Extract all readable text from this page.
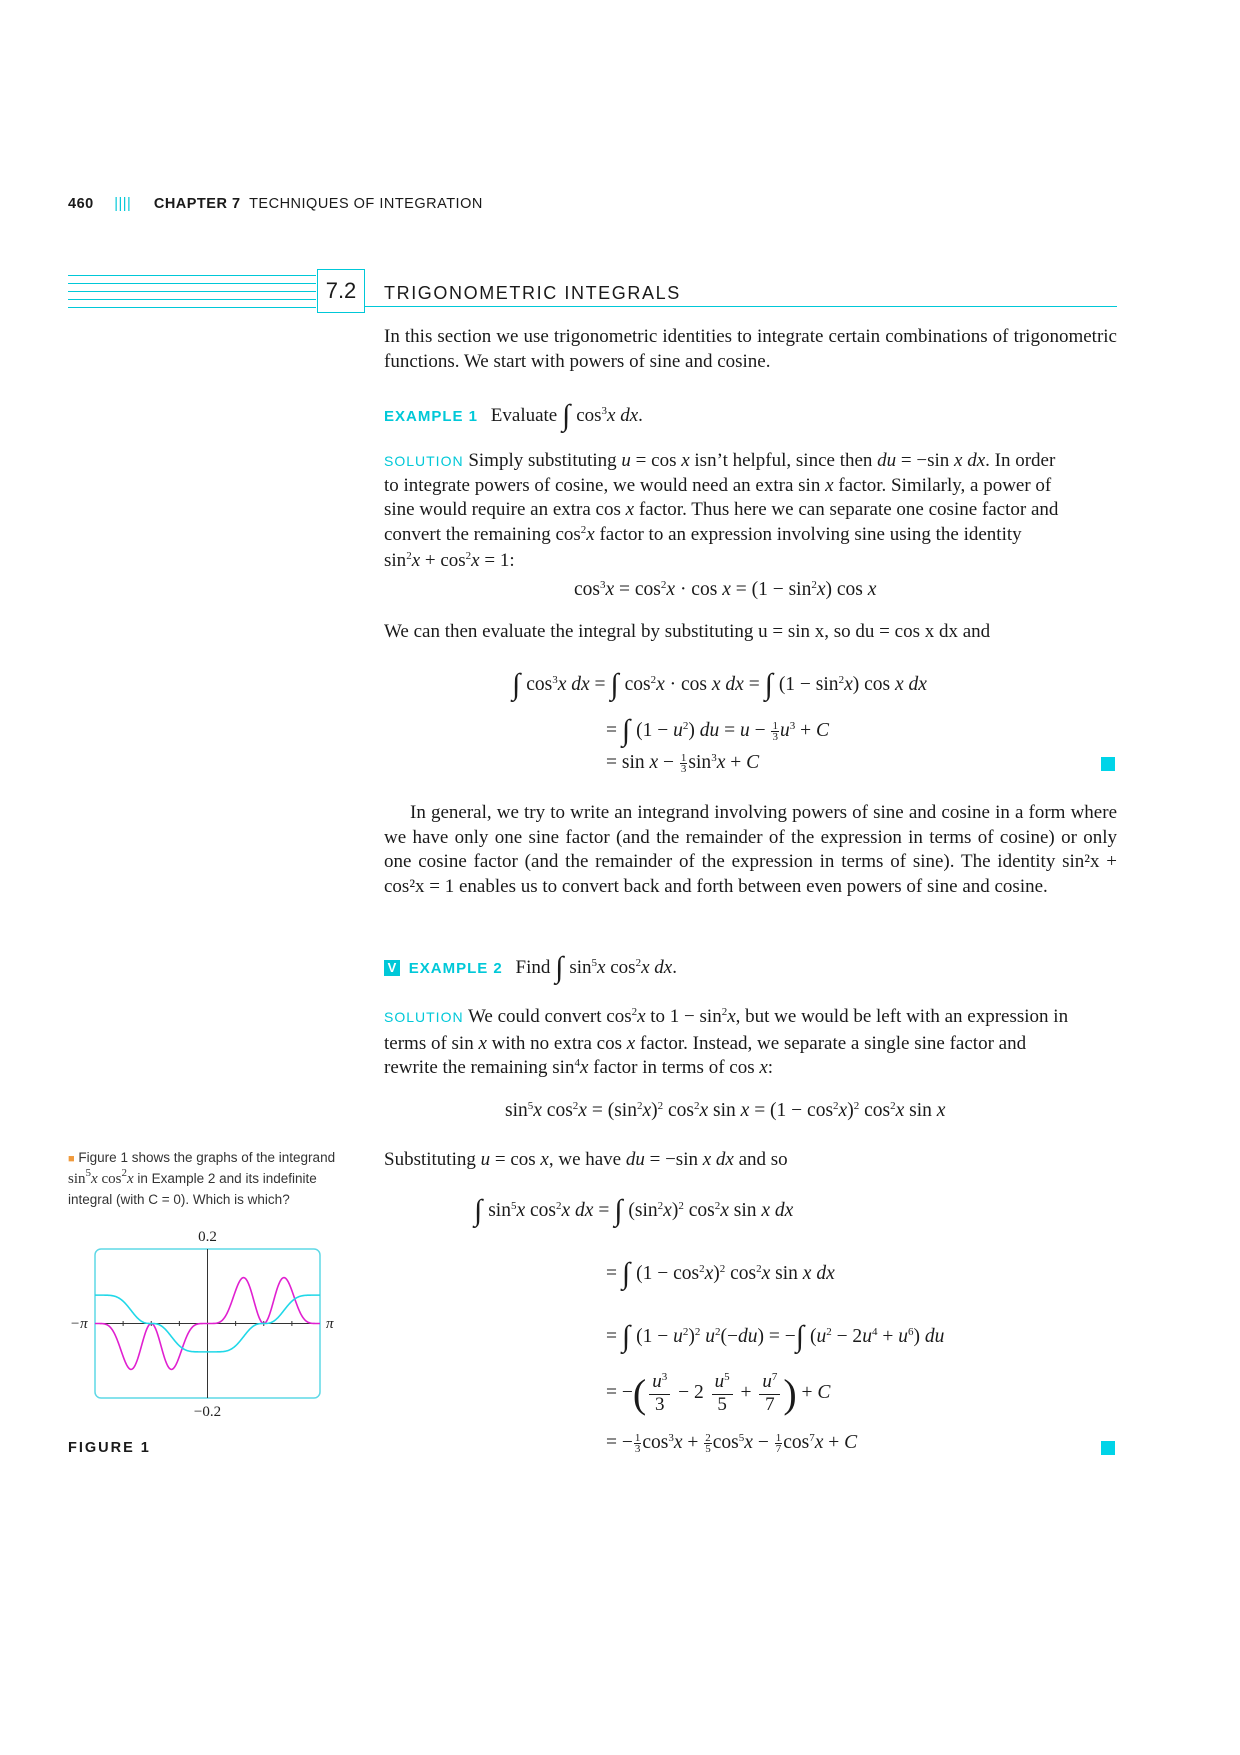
460 |||| CHAPTER 7 TECHNIQUES OF INTEGRATION
7.2	TRIGONOMETRIC INTEGRALS
In this section we use trigonometric identities to integrate certain combinations of trigonometric functions. We start with powers of sine and cosine.
EXAMPLE 1 Evaluate ∫ $\cos^3x$ dx.
SOLUTION Simply substituting u = cos x isn’t helpful, since then du = −sin x dx. In order
to integrate powers of cosine, we would need an extra sin x factor. Similarly, a power of
sine would require an extra cos x factor. Thus here we can separate one cosine factor and
convert the remaining $\cos^2x$ factor to an expression involving sine using the identity
$\sin^2x + \cos^2x = 1$:
$\cos^3x = \cos^2x \cdot \cos x = (1 - \sin^2x)$ cos x
We can then evaluate the integral by substituting u = sin x, so du = cos x dx and
∫ $\cos^3x$ dx = ∫ $\cos^2x \cdot \cos x$ dx = ∫ $(1 - \sin^2x)$ cos x dx
= ∫ $(1 - u^2)$ du = $u - \frac{1}{3} u^3 + C$
= $\sin x - \frac{1}{3} \sin^3x + C$
In general, we try to write an integrand involving powers of sine and cosine in a form where we have only one sine factor (and the remainder of the expression in terms of cosine) or only one cosine factor (and the remainder of the expression in terms of sine). The identity sin²x + cos²x = 1 enables us to convert back and forth between even powers of sine and cosine.
V EXAMPLE 2 Find ∫ $\sin^5x$ $\cos^2x$ dx.
SOLUTION We could convert $\cos^2x$ to $1 - \sin^2x$, but we would be left with an expression in
terms of sin x with no extra cos x factor. Instead, we separate a single sine factor and
rewrite the remaining $\sin^4x$ factor in terms of cos x:
$\sin^5x$ $\cos^2x = (\sin^2x)^2$ $\cos^2x$ $\sin x = (1 - \cos^2x)^2$ $\cos^2x$ sin x
Substituting u = cos x, we have du = −sin x dx and so
∫ $\sin^5x$ $\cos^2x$ dx = ∫ $(\sin^2x)^2$ $\cos^2x$ sin x dx
= ∫ $(1 - \cos^2x)^2$ $\cos^2x$ sin x dx
= ∫ $(1 - u^2)^2$ $u^2(-du)$ = −∫ $(u^2 - 2u^4 + u^6)$ du
= −( $\frac{u^3}{3} - 2 \frac{u^5}{5} + \frac{u^7}{7}$ ) + C
= − $\frac{1}{3} \cos^3x + \frac{2}{5} \cos^5x - \frac{1}{7} \cos^7x + C$
■ Figure 1 shows the graphs of the integrand $\sin^5x$ $\cos^2x$ in Example 2 and its indefinite integral (with C = 0). Which is which?
0.2
−0.2
−π	π
FIGURE 1
